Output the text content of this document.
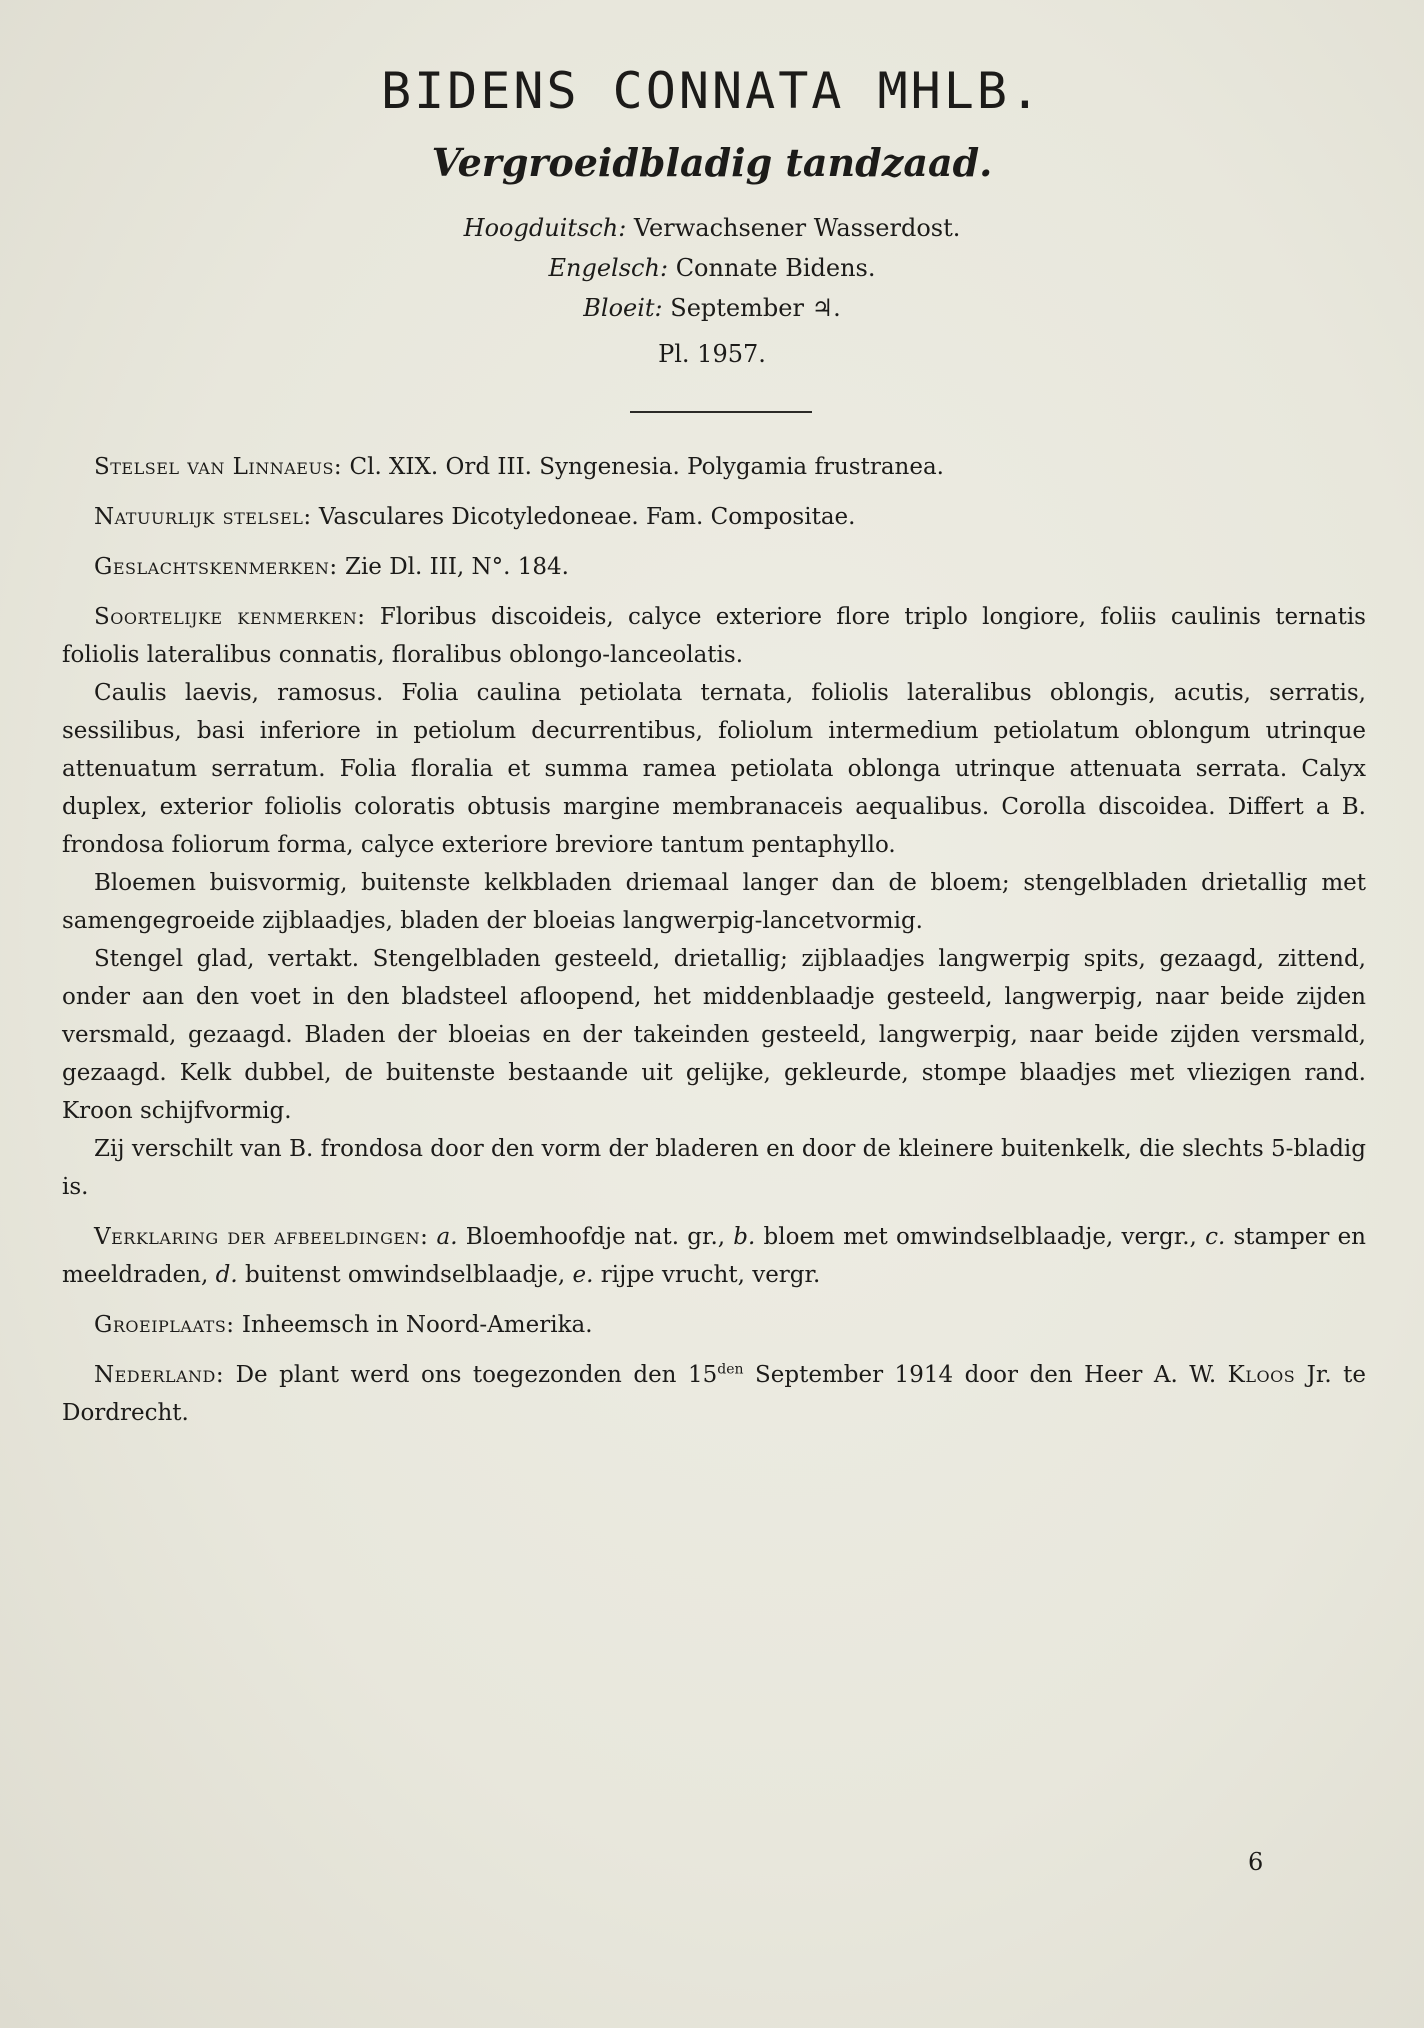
BIDENS CONNATA MHLB.
Vergroeidbladig tandzaad.
Hoogduitsch: Verwachsener Wasserdost.
Engelsch: Connate Bidens.
Bloeit: September ♃.
Pl. 1957.

Stelsel van Linnaeus: Cl. XIX. Ord III. Syngenesia. Polygamia frustranea.

Natuurlijk stelsel: Vasculares Dicotyledoneae. Fam. Compositae.

Geslachtskenmerken: Zie Dl. III, N°. 184.

Soortelijke kenmerken: Floribus discoideis, calyce exteriore flore triplo longiore, foliis caulinis ternatis foliolis lateralibus connatis, floralibus oblongo-lanceolatis.

Caulis laevis, ramosus. Folia caulina petiolata ternata, foliolis lateralibus oblongis, acutis, serratis, sessilibus, basi inferiore in petiolum decurrentibus, foliolum intermedium petiolatum oblongum utrinque attenuatum serratum. Folia floralia et summa ramea petiolata oblonga utrinque attenuata serrata. Calyx duplex, exterior foliolis coloratis obtusis margine membranaceis aequalibus. Corolla discoidea. Differt a B. frondosa foliorum forma, calyce exteriore breviore tantum pentaphyllo.

Bloemen buisvormig, buitenste kelkbladen driemaal langer dan de bloem; stengelbladen drietallig met samengegroeide zijblaadjes, bladen der bloeias langwerpig-lancetvormig.

Stengel glad, vertakt. Stengelbladen gesteeld, drietallig; zijblaadjes langwerpig spits, gezaagd, zittend, onder aan den voet in den bladsteel afloopend, het middenblaadje gesteeld, langwerpig, naar beide zijden versmald, gezaagd. Bladen der bloeias en der takeinden gesteeld, langwerpig, naar beide zijden versmald, gezaagd. Kelk dubbel, de buitenste bestaande uit gelijke, gekleurde, stompe blaadjes met vliezigen rand. Kroon schijfvormig.

Zij verschilt van B. frondosa door den vorm der bladeren en door de kleinere buitenkelk, die slechts 5-bladig is.

Verklaring der afbeeldingen: a. Bloemhoofdje nat. gr., b. bloem met omwindselblaadje, vergr., c. stamper en meeldraden, d. buitenst omwindselblaadje, e. rijpe vrucht, vergr.

Groeiplaats: Inheemsch in Noord-Amerika.

Nederland: De plant werd ons toegezonden den $15^{den}$ September 1914 door den Heer A. W. Kloos Jr. te Dordrecht.

6
